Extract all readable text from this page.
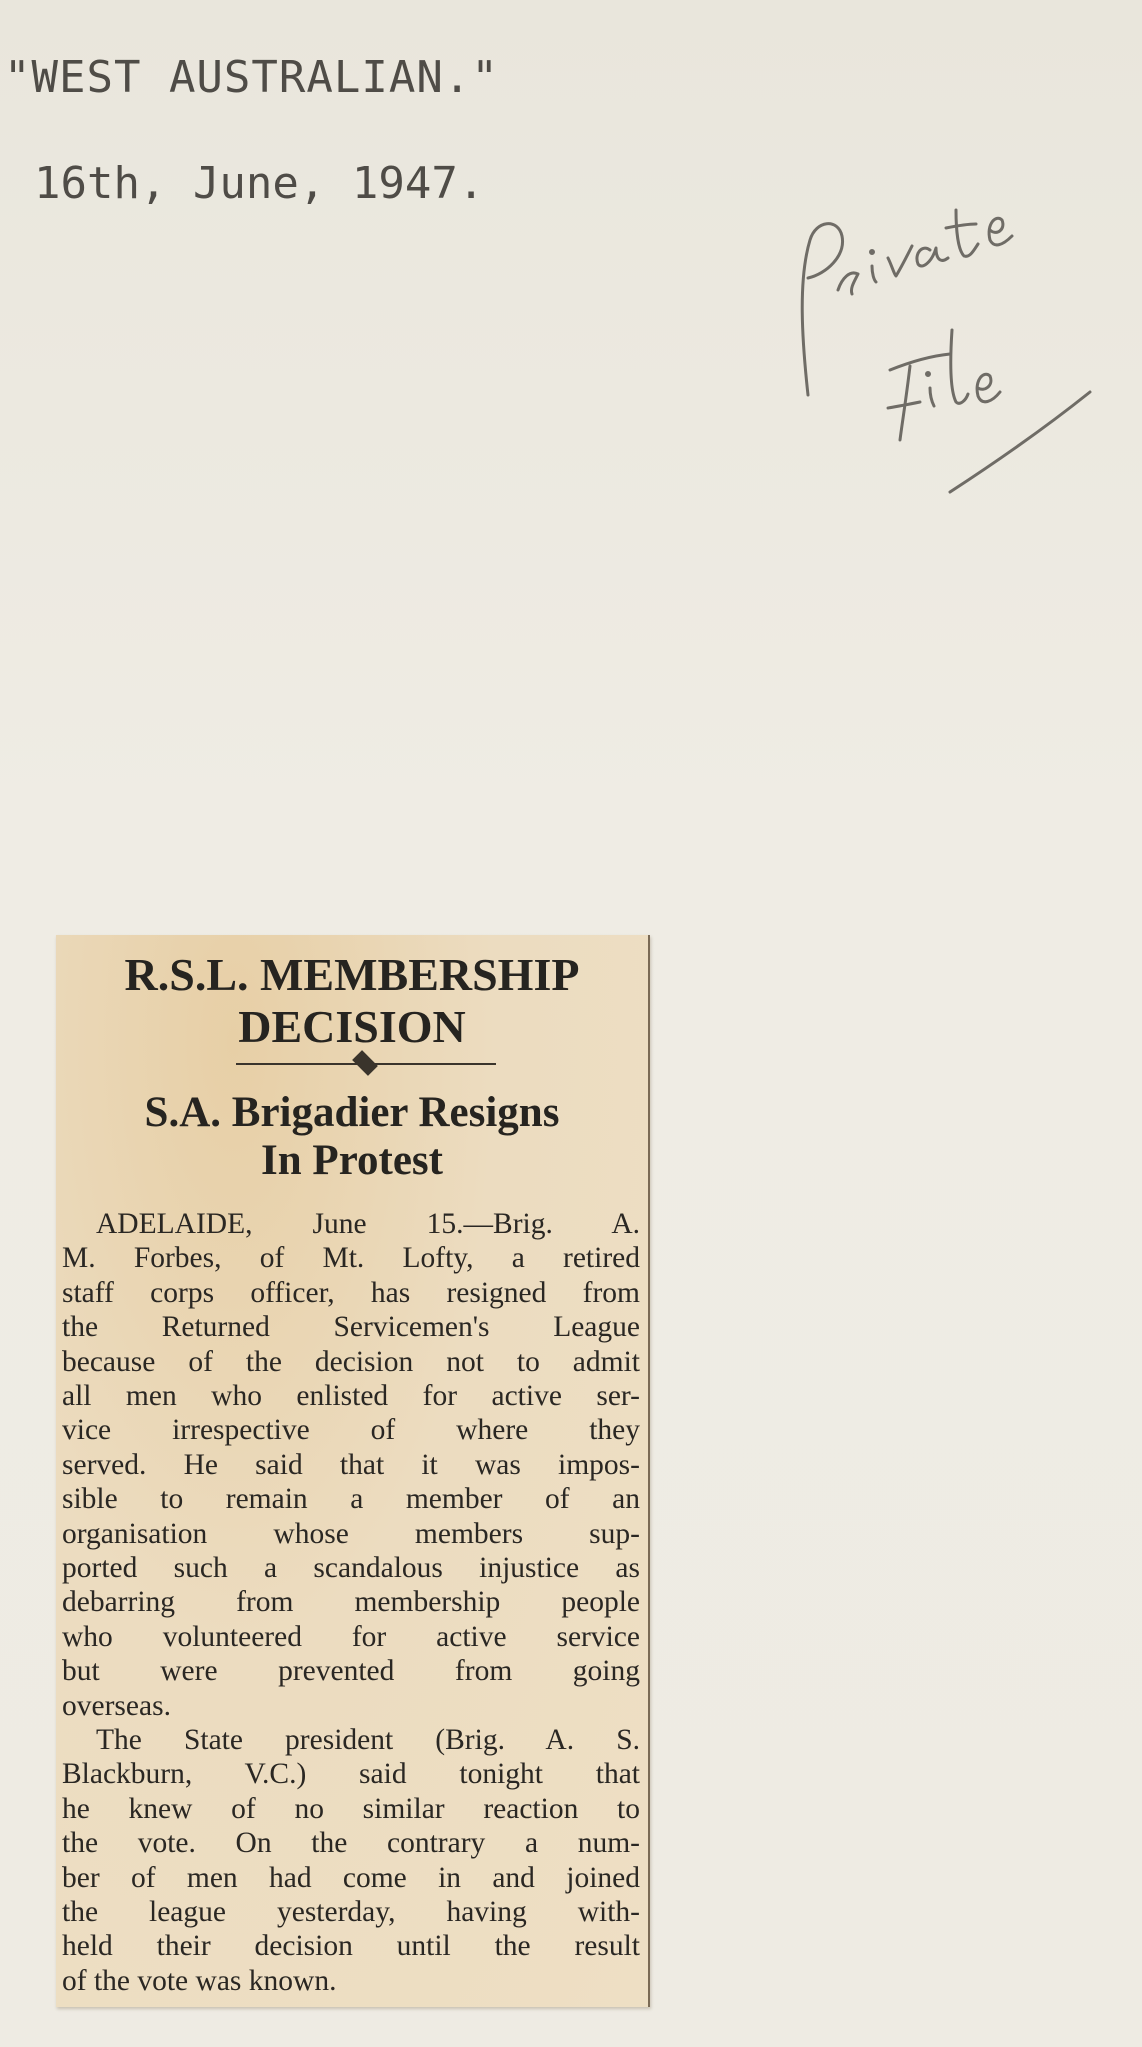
"WEST AUSTRALIAN."
16th, June, 1947.
R.S.L. MEMBERSHIP
DECISION
S.A. Brigadier Resigns
In Protest
ADELAIDE, June 15.—Brig. A.
M. Forbes, of Mt. Lofty, a retired
staff corps officer, has resigned from
the Returned Servicemen's League
because of the decision not to admit
all men who enlisted for active ser-
vice irrespective of where they
served. He said that it was impos-
sible to remain a member of an
organisation whose members sup-
ported such a scandalous injustice as
debarring from membership people
who volunteered for active service
but were prevented from going
overseas.
The State president (Brig. A. S.
Blackburn, V.C.) said tonight that
he knew of no similar reaction to
the vote. On the contrary a num-
ber of men had come in and joined
the league yesterday, having with-
held their decision until the result
of the vote was known.
